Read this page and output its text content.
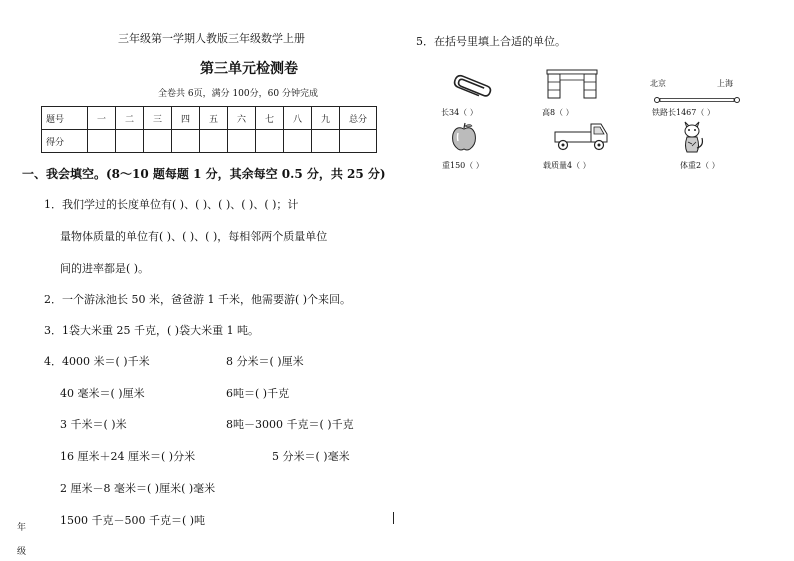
三年级第一学期人教版三年级数学上册
第三单元检测卷
全卷共 6页，满分 100分，60 分钟完成
题号	一	二	三	四	五	六	七	八	九	总分
得分										
一、我会填空。(8～10 题每题 1 分，其余每空 0.5 分，共 25 分)
1．我们学过的长度单位有( )、( )、( )、( )、( )；计
量物体质量的单位有( )、( )、( )，每相邻两个质量单位
间的进率都是( )。
2．一个游泳池长 50 米，爸爸游 1 千米，他需要游( )个来回。
3．1袋大米重 25 千克，( )袋大米重 1 吨。
4．4000 米＝( )千米	8 分米＝( )厘米
40 毫米＝( )厘米	6吨＝( )千克
3 千米＝( )米	8吨－3000 千克＝( )千克
16 厘米＋24 厘米＝( )分米	5 分米＝( )毫米
2 厘米－8 毫米＝( )厘米( )毫米
1500 千克－500 千克＝( )吨
年 级
5．在括号里填上合适的单位。
长34（ ）	高8（ ）
北京	上海
铁路长1467（ ）
重150（ ）	载质量4（ ）	体重2（ ）
